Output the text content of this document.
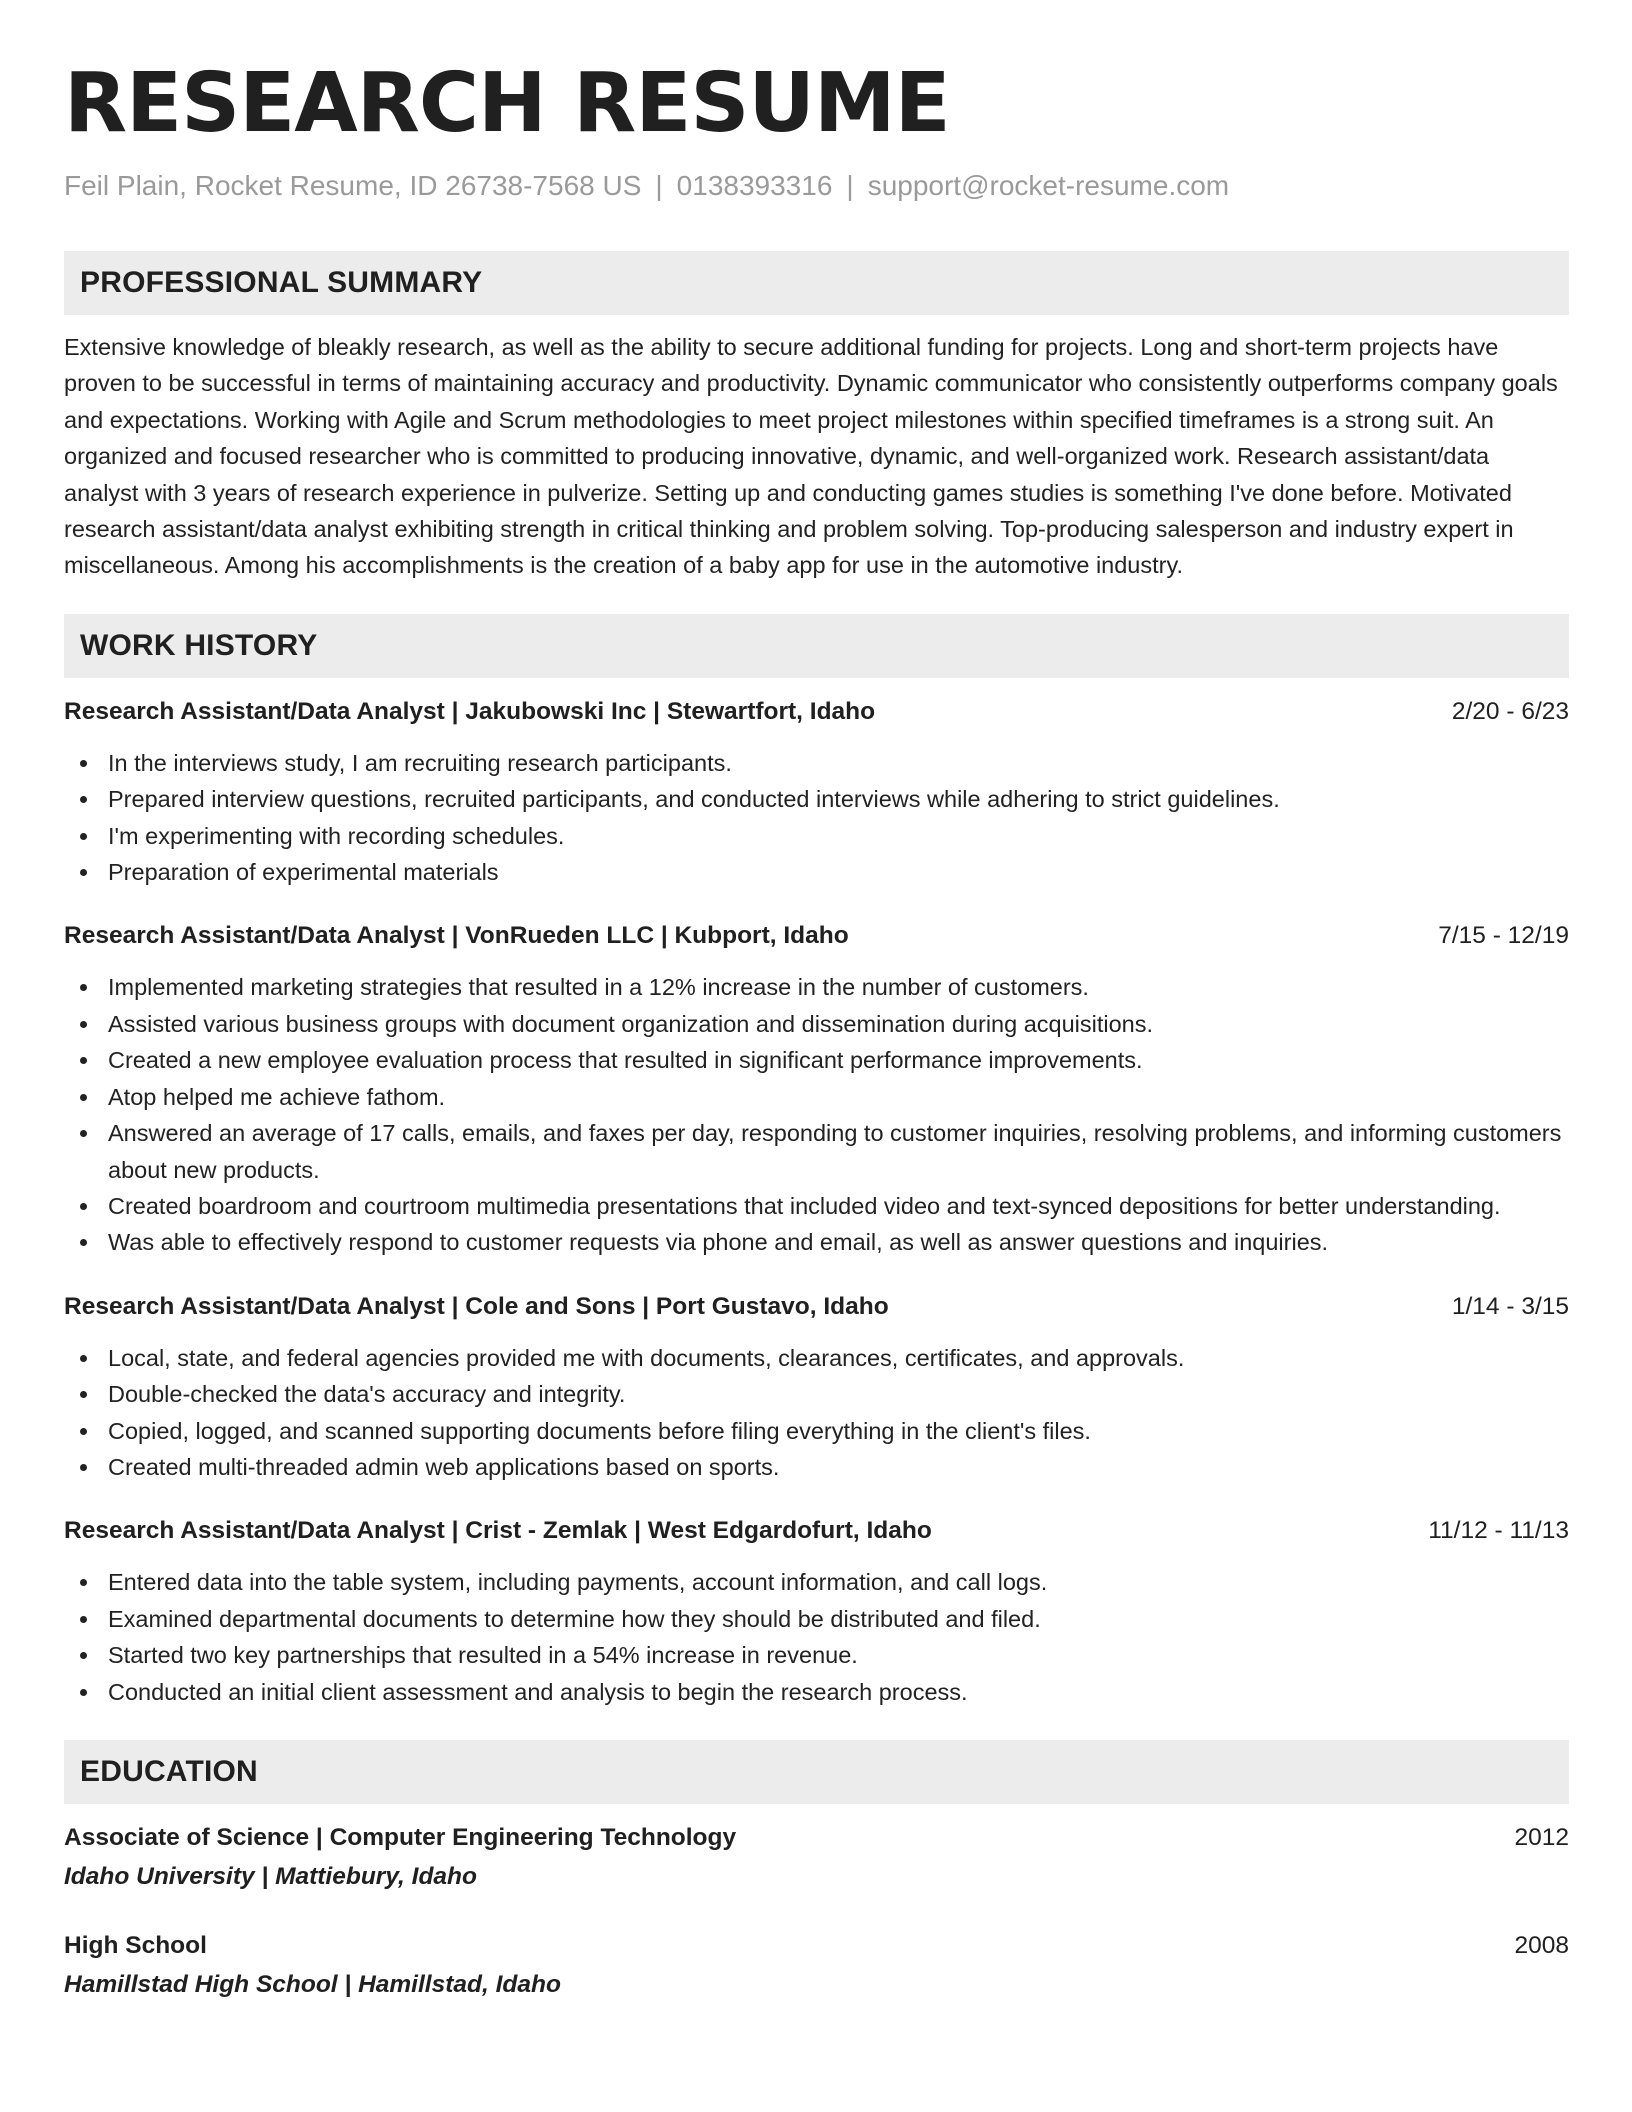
RESEARCH RESUME
Feil Plain, Rocket Resume, ID 26738-7568 US | 0138393316 | support@rocket-resume.com
PROFESSIONAL SUMMARY
Extensive knowledge of bleakly research, as well as the ability to secure additional funding for projects. Long and short-term projects have proven to be successful in terms of maintaining accuracy and productivity. Dynamic communicator who consistently outperforms company goals and expectations. Working with Agile and Scrum methodologies to meet project milestones within specified timeframes is a strong suit. An organized and focused researcher who is committed to producing innovative, dynamic, and well-organized work. Research assistant/data analyst with 3 years of research experience in pulverize. Setting up and conducting games studies is something I've done before. Motivated research assistant/data analyst exhibiting strength in critical thinking and problem solving. Top-producing salesperson and industry expert in miscellaneous. Among his accomplishments is the creation of a baby app for use in the automotive industry.
WORK HISTORY
Research Assistant/Data Analyst | Jakubowski Inc | Stewartfort, Idaho	2/20 - 6/23
In the interviews study, I am recruiting research participants.
Prepared interview questions, recruited participants, and conducted interviews while adhering to strict guidelines.
I'm experimenting with recording schedules.
Preparation of experimental materials
Research Assistant/Data Analyst | VonRueden LLC | Kubport, Idaho	7/15 - 12/19
Implemented marketing strategies that resulted in a 12% increase in the number of customers.
Assisted various business groups with document organization and dissemination during acquisitions.
Created a new employee evaluation process that resulted in significant performance improvements.
Atop helped me achieve fathom.
Answered an average of 17 calls, emails, and faxes per day, responding to customer inquiries, resolving problems, and informing customers about new products.
Created boardroom and courtroom multimedia presentations that included video and text-synced depositions for better understanding.
Was able to effectively respond to customer requests via phone and email, as well as answer questions and inquiries.
Research Assistant/Data Analyst | Cole and Sons | Port Gustavo, Idaho	1/14 - 3/15
Local, state, and federal agencies provided me with documents, clearances, certificates, and approvals.
Double-checked the data's accuracy and integrity.
Copied, logged, and scanned supporting documents before filing everything in the client's files.
Created multi-threaded admin web applications based on sports.
Research Assistant/Data Analyst | Crist - Zemlak | West Edgardofurt, Idaho	11/12 - 11/13
Entered data into the table system, including payments, account information, and call logs.
Examined departmental documents to determine how they should be distributed and filed.
Started two key partnerships that resulted in a 54% increase in revenue.
Conducted an initial client assessment and analysis to begin the research process.
EDUCATION
Associate of Science | Computer Engineering Technology	2012
Idaho University | Mattiebury, Idaho
High School	2008
Hamillstad High School | Hamillstad, Idaho
